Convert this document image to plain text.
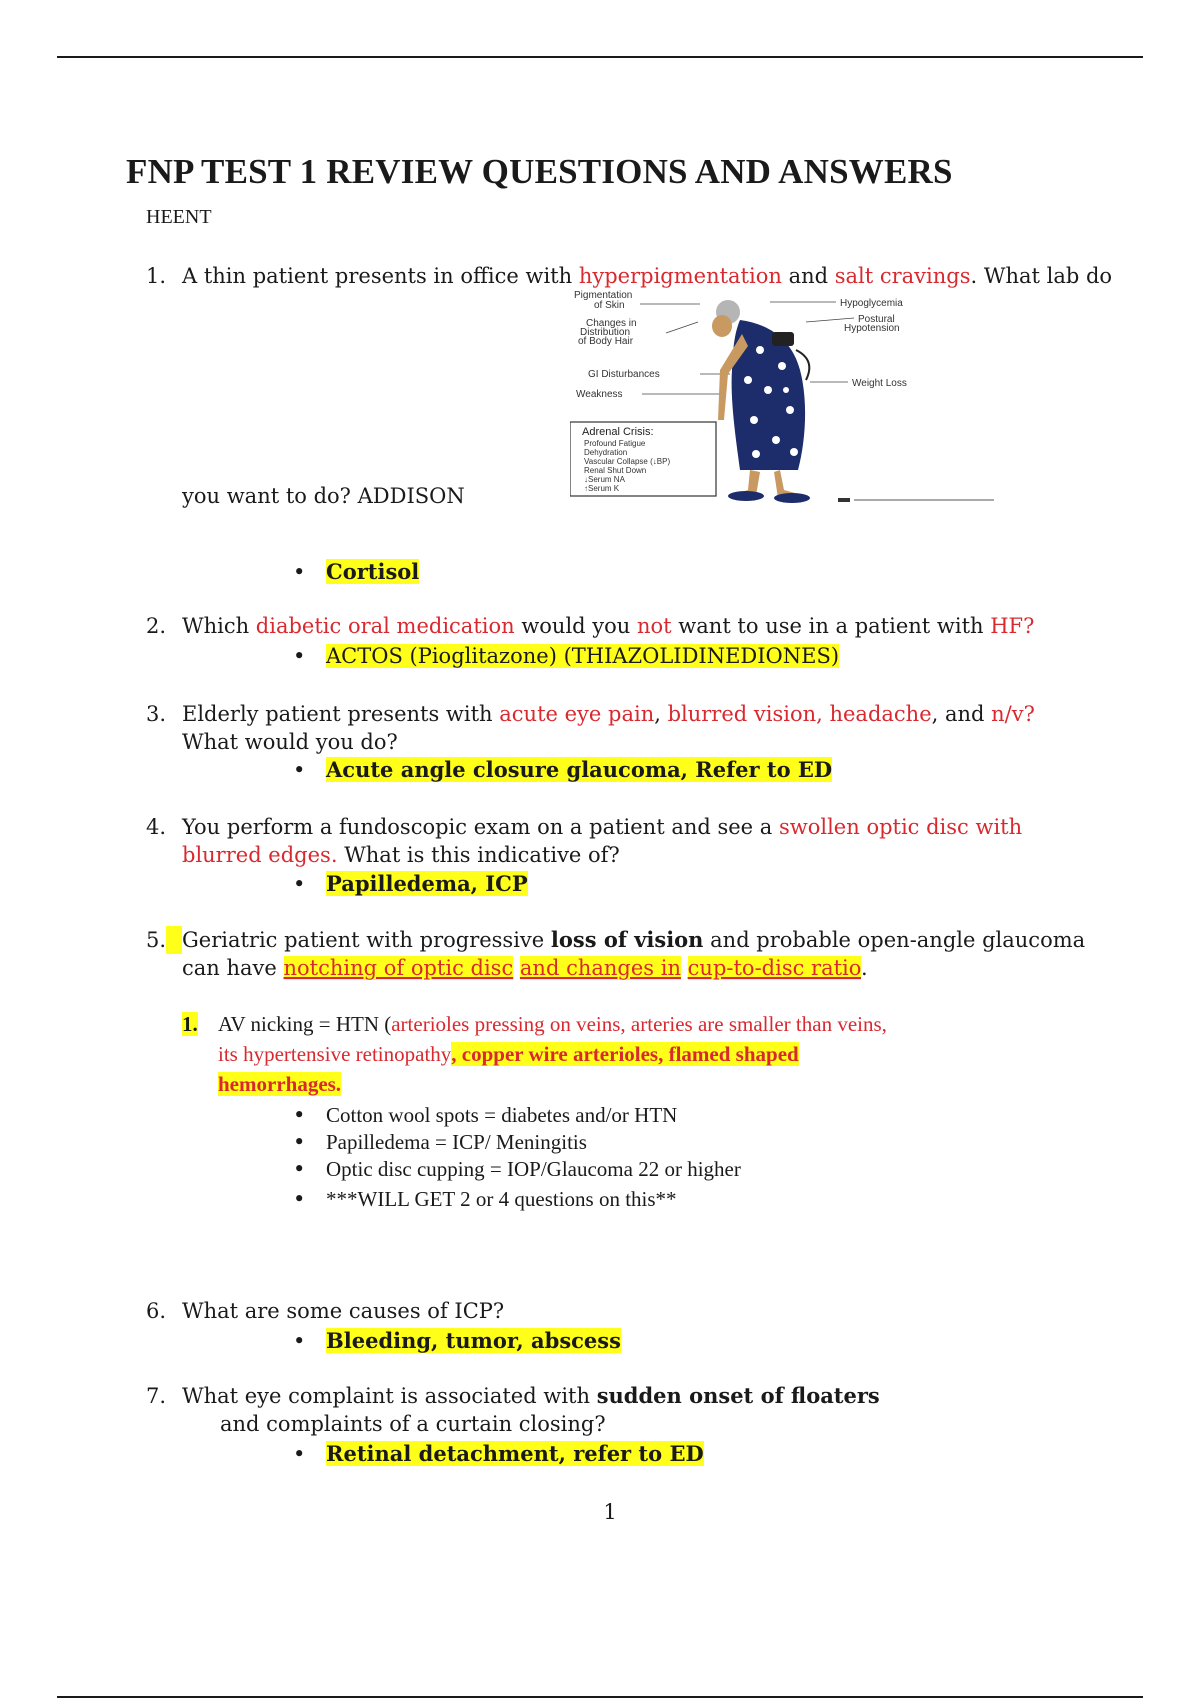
FNP TEST 1 REVIEW QUESTIONS AND ANSWERS
HEENT
1. A thin patient presents in office with hyperpigmentation and salt cravings. What lab do
Pigmentation
of Skin
Changes in
Distribution
of Body Hair
GI Disturbances
Weakness
Hypoglycemia
Postural
Hypotension
Weight Loss
Adrenal Crisis:
Profound Fatigue
Dehydration
Vascular Collapse (↓BP)
Renal Shut Down
↓Serum NA
↑Serum K
you want to do? ADDISON
• Cortisol
2. Which diabetic oral medication would you not want to use in a patient with HF?
• ACTOS (Pioglitazone) (THIAZOLIDINEDIONES)
3. Elderly patient presents with acute eye pain, blurred vision, headache, and n/v?
What would you do?
• Acute angle closure glaucoma, Refer to ED
4. You perform a fundoscopic exam on a patient and see a swollen optic disc with
blurred edges. What is this indicative of?
• Papilledema, ICP
5. Geriatric patient with progressive loss of vision and probable open-angle glaucoma
can have notching of optic disc and changes in cup-to-disc ratio.
1. AV nicking = HTN (arterioles pressing on veins, arteries are smaller than veins,
its hypertensive retinopathy, copper wire arterioles, flamed shaped
hemorrhages.
• Cotton wool spots = diabetes and/or HTN
• Papilledema = ICP/ Meningitis
• Optic disc cupping = IOP/Glaucoma 22 or higher
• ***WILL GET 2 or 4 questions on this**
6. What are some causes of ICP?
• Bleeding, tumor, abscess
7. What eye complaint is associated with sudden onset of floaters
and complaints of a curtain closing?
• Retinal detachment, refer to ED
1
